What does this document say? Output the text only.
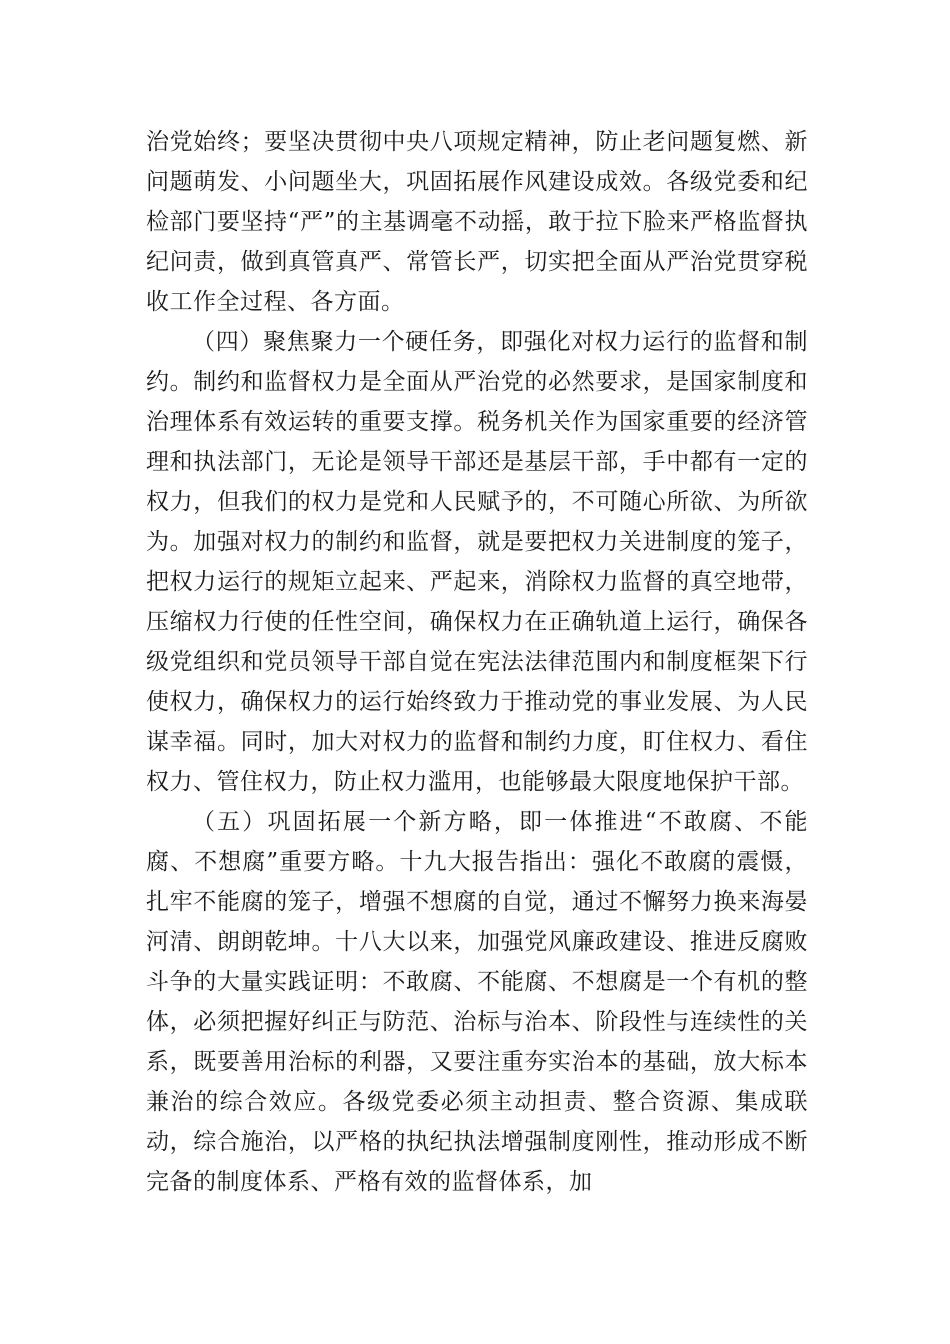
治党始终；要坚决贯彻中央八项规定精神，防止老问题复燃、新问题萌发、小问题坐大，巩固拓展作风建设成效。各级党委和纪检部门要坚持“严”的主基调毫不动摇，敢于拉下脸来严格监督执纪问责，做到真管真严、常管长严，切实把全面从严治党贯穿税收工作全过程、各方面。

（四）聚焦聚力一个硬任务，即强化对权力运行的监督和制约。制约和监督权力是全面从严治党的必然要求，是国家制度和治理体系有效运转的重要支撑。税务机关作为国家重要的经济管理和执法部门，无论是领导干部还是基层干部，手中都有一定的权力，但我们的权力是党和人民赋予的，不可随心所欲、为所欲为。加强对权力的制约和监督，就是要把权力关进制度的笼子，把权力运行的规矩立起来、严起来，消除权力监督的真空地带，压缩权力行使的任性空间，确保权力在正确轨道上运行，确保各级党组织和党员领导干部自觉在宪法法律范围内和制度框架下行使权力，确保权力的运行始终致力于推动党的事业发展、为人民谋幸福。同时，加大对权力的监督和制约力度，盯住权力、看住权力、管住权力，防止权力滥用，也能够最大限度地保护干部。

（五）巩固拓展一个新方略，即一体推进“不敢腐、不能腐、不想腐”重要方略。十九大报告指出：强化不敢腐的震慑，扎牢不能腐的笼子，增强不想腐的自觉，通过不懈努力换来海晏河清、朗朗乾坤。十八大以来，加强党风廉政建设、推进反腐败斗争的大量实践证明：不敢腐、不能腐、不想腐是一个有机的整体，必须把握好纠正与防范、治标与治本、阶段性与连续性的关系，既要善用治标的利器，又要注重夯实治本的基础，放大标本兼治的综合效应。各级党委必须主动担责、整合资源、集成联动，综合施治，以严格的执纪执法增强制度刚性，推动形成不断完备的制度体系、严格有效的监督体系，加
